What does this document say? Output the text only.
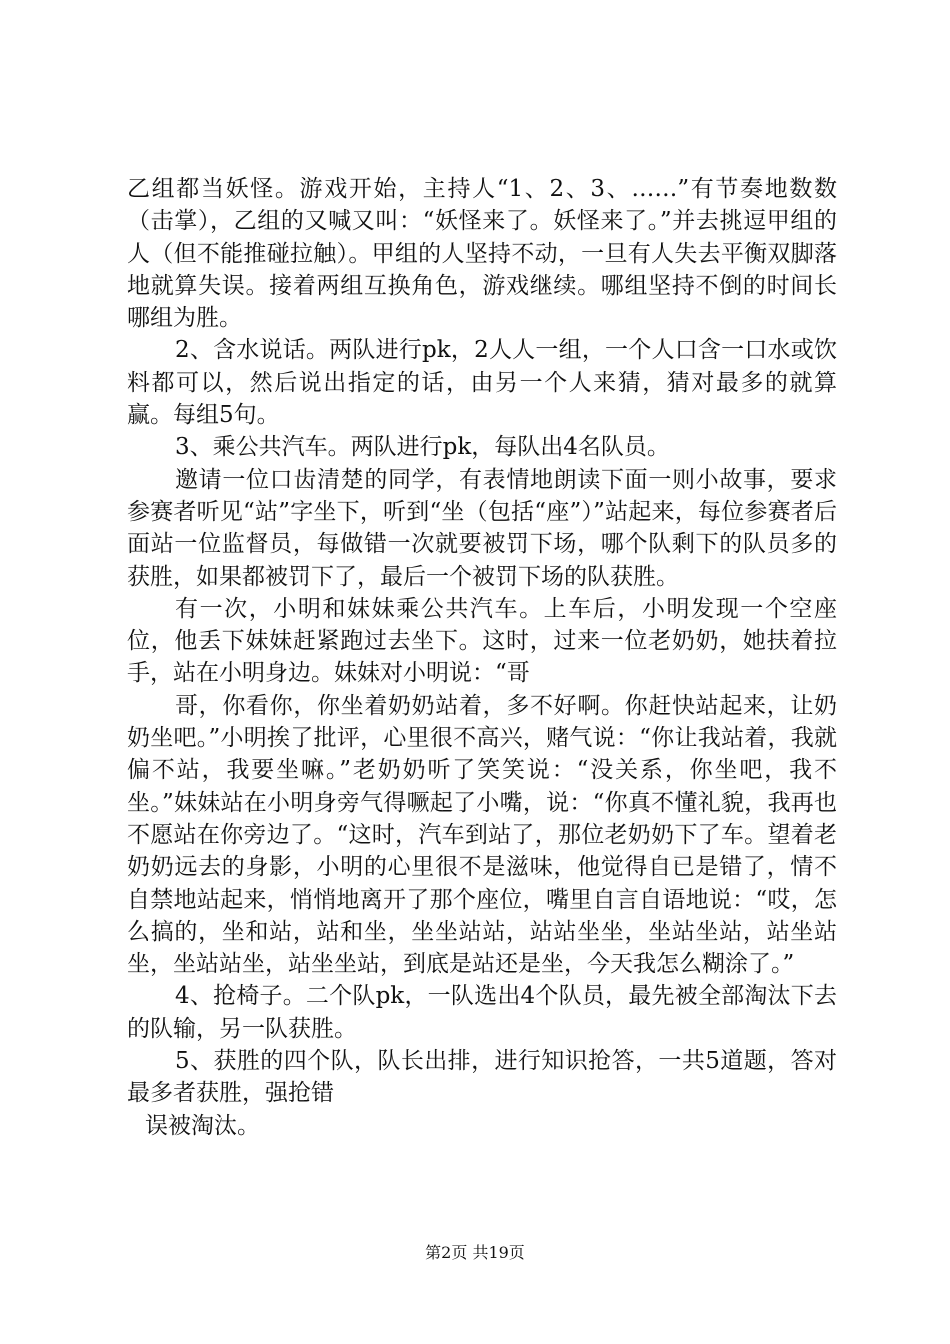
乙组都当妖怪。游戏开始，主持人“1、2、3、……”有节奏地数数（击掌），乙组的又喊又叫：“妖怪来了。妖怪来了。”并去挑逗甲组的人（但不能推碰拉触）。甲组的人坚持不动，一旦有人失去平衡双脚落地就算失误。接着两组互换角色，游戏继续。哪组坚持不倒的时间长哪组为胜。

2、含水说话。两队进行pk，2人人一组，一个人口含一口水或饮料都可以，然后说出指定的话，由另一个人来猜，猜对最多的就算赢。每组5句。

3、乘公共汽车。两队进行pk，每队出4名队员。

邀请一位口齿清楚的同学，有表情地朗读下面一则小故事，要求参赛者听见“站”字坐下，听到“坐（包括“座”）”站起来，每位参赛者后面站一位监督员，每做错一次就要被罚下场，哪个队剩下的队员多的获胜，如果都被罚下了，最后一个被罚下场的队获胜。

有一次，小明和妹妹乘公共汽车。上车后，小明发现一个空座位，他丢下妹妹赶紧跑过去坐下。这时，过来一位老奶奶，她扶着拉手，站在小明身边。妹妹对小明说：“哥

哥，你看你，你坐着奶奶站着，多不好啊。你赶快站起来，让奶奶坐吧。”小明挨了批评，心里很不高兴，赌气说：“你让我站着，我就偏不站，我要坐嘛。”老奶奶听了笑笑说：“没关系，你坐吧，我不坐。”妹妹站在小明身旁气得噘起了小嘴，说：“你真不懂礼貌，我再也不愿站在你旁边了。“这时，汽车到站了，那位老奶奶下了车。望着老奶奶远去的身影，小明的心里很不是滋味，他觉得自已是错了，情不自禁地站起来，悄悄地离开了那个座位，嘴里自言自语地说：“哎，怎么搞的，坐和站，站和坐，坐坐站站，站站坐坐，坐站坐站，站坐站坐，坐站站坐，站坐坐站，到底是站还是坐，今天我怎么糊涂了。”

4、抢椅子。二个队pk，一队选出4个队员，最先被全部淘汰下去的队输，另一队获胜。

5、获胜的四个队，队长出排，进行知识抢答，一共5道题，答对最多者获胜，强抢错

误被淘汰。

第2页 共19页
